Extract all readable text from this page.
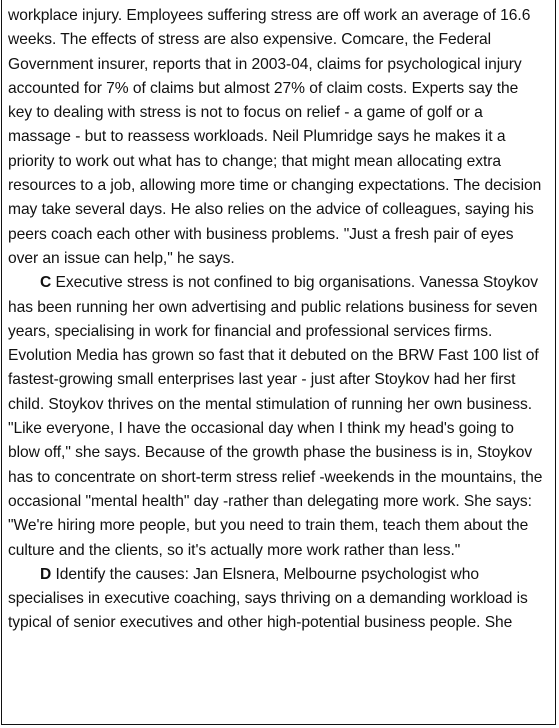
workplace injury. Employees suffering stress are off work an average of 16.6
weeks. The effects of stress are also expensive. Comcare, the Federal
Government insurer, reports that in 2003-04, claims for psychological injury
accounted for 7% of claims but almost 27% of claim costs. Experts say the
key to dealing with stress is not to focus on relief - a game of golf or a
massage - but to reassess workloads. Neil Plumridge says he makes it a
priority to work out what has to change; that might mean allocating extra
resources to a job, allowing more time or changing expectations. The decision
may take several days. He also relies on the advice of colleagues, saying his
peers coach each other with business problems. "Just a fresh pair of eyes
over an issue can help," he says.
C Executive stress is not confined to big organisations. Vanessa Stoykov
has been running her own advertising and public relations business for seven
years, specialising in work for financial and professional services firms.
Evolution Media has grown so fast that it debuted on the BRW Fast 100 list of
fastest-growing small enterprises last year - just after Stoykov had her first
child. Stoykov thrives on the mental stimulation of running her own business.
"Like everyone, I have the occasional day when I think my head's going to
blow off," she says. Because of the growth phase the business is in, Stoykov
has to concentrate on short-term stress relief -weekends in the mountains, the
occasional "mental health" day -rather than delegating more work. She says:
"We're hiring more people, but you need to train them, teach them about the
culture and the clients, so it's actually more work rather than less."
D Identify the causes: Jan Elsnera, Melbourne psychologist who
specialises in executive coaching, says thriving on a demanding workload is
typical of senior executives and other high-potential business people. She
